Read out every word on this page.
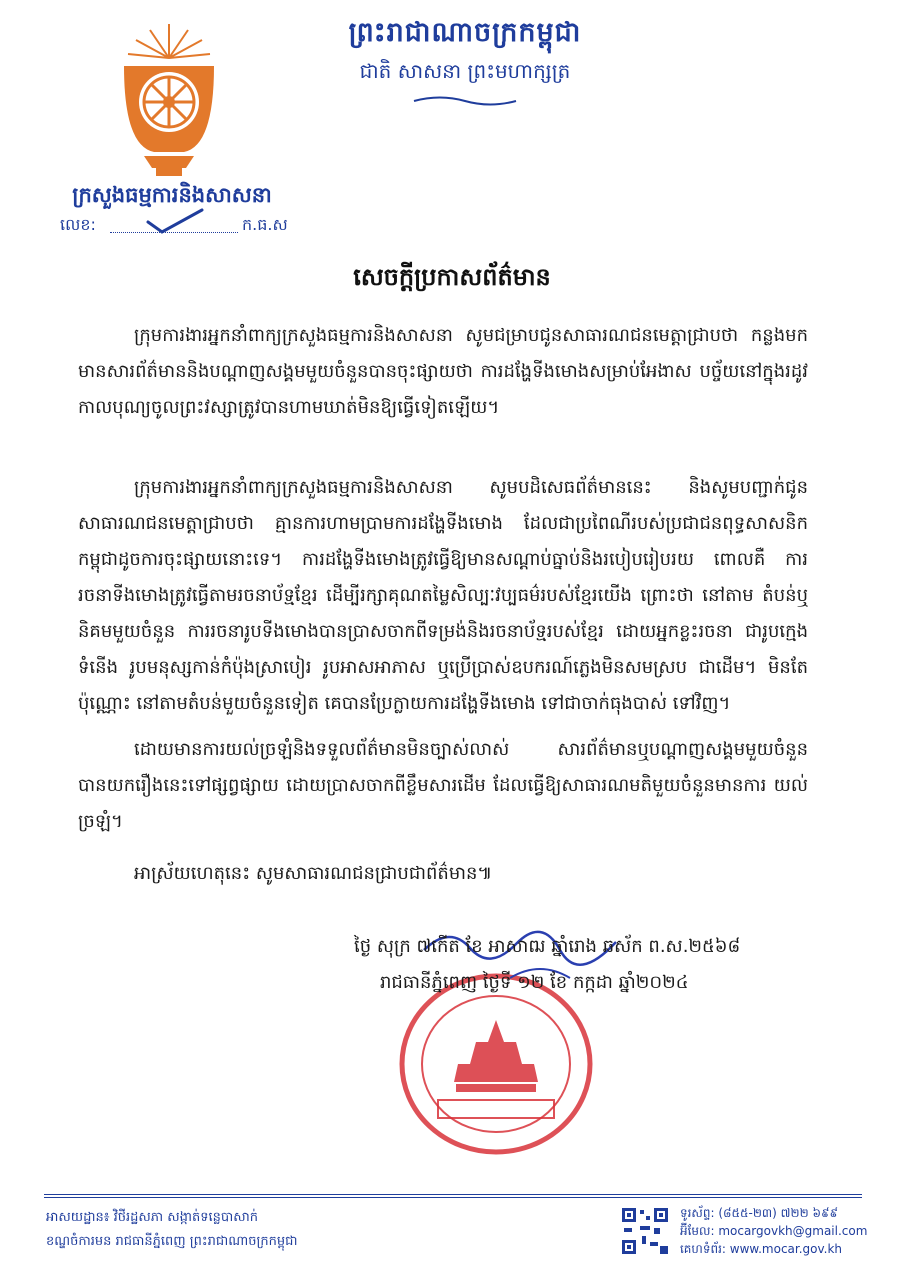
ព្រះរាជាណាចក្រកម្ពុជា
ជាតិ សាសនា ព្រះមហាក្សត្រ
ក្រសួងធម្មការនិងសាសនា
លេខ:	ក.ធ.ស
សេចក្តីប្រកាសព័ត៌មាន

ក្រុមការងារអ្នកនាំពាក្យក្រសួងធម្មការនិងសាសនា សូមជម្រាបជូនសាធារណជនមេត្តាជ្រាបថា កន្លងមកមានសារព័ត៌មាននិងបណ្តាញសង្គមមួយចំនួនបានចុះផ្សាយថា ការដង្ហែទីងមោងសម្រាប់អែងាស បច្ច័យនៅក្នុងរដូវកាលបុណ្យចូលព្រះវស្សាត្រូវបានហាមឃាត់មិនឱ្យធ្វើទៀតឡើយ។

ក្រុមការងារអ្នកនាំពាក្យក្រសួងធម្មការនិងសាសនា សូមបដិសេធព័ត៌មាននេះ និងសូមបញ្ជាក់ជូន សាធារណជនមេត្តាជ្រាបថា គ្មានការហាមប្រាមការដង្ហែទីងមោង ដែលជាប្រពៃណីរបស់ប្រជាជនពុទ្ធសាសនិក កម្ពុជាដូចការចុះផ្សាយនោះទេ។ ការដង្ហែទីងមោងត្រូវធ្វើឱ្យមានសណ្តាប់ធ្នាប់និងរបៀបរៀបរយ ពោលគឺ ការរចនាទីងមោងត្រូវធ្វើតាមរចនាប័ទ្មខ្មែរ ដើម្បីរក្សាគុណតម្លៃសិល្បៈវប្បធម៌របស់ខ្មែរយើង ព្រោះថា នៅតាម តំបន់ឬនិគមមួយចំនួន ការរចនារូបទីងមោងបានប្រាសចាកពីទម្រង់និងរចនាប័ទ្មរបស់ខ្មែរ ដោយអ្នកខ្លះរចនា ជារូបក្មេងទំនើង រូបមនុស្សកាន់កំប៉ុងស្រាបៀរ រូបអាសអាភាស ឬប្រើប្រាស់ឧបករណ៍ភ្លេងមិនសមស្រប ជាដើម។ មិនតែប៉ុណ្ណោះ នៅតាមតំបន់មួយចំនួនទៀត គេបានប្រែក្លាយការដង្ហែទីងមោង ទៅជាចាក់ធុងបាស់ ទៅវិញ។

ដោយមានការយល់ច្រឡំនិងទទួលព័ត៌មានមិនច្បាស់លាស់ សារព័ត៌មានឬបណ្តាញសង្គមមួយចំនួន បានយករឿងនេះទៅផ្សព្វផ្សាយ ដោយប្រាសចាកពីខ្លឹមសារដើម ដែលធ្វើឱ្យសាធារណមតិមួយចំនួនមានការ យល់ច្រឡំ។

អាស្រ័យហេតុនេះ សូមសាធារណជនជ្រាបជាព័ត៌មាន៕

ថ្ងៃ សុក្រ ៧កើត ខែ អាសាឍ ឆ្នាំរោង ឆស័ក ព.ស.២៥៦៨
រាជធានីភ្នំពេញ ថ្ងៃទី ១២ ខែ កក្កដា ឆ្នាំ២០២៤
អាសយដ្ឋាន៖ វិថីរដ្ឋសភា សង្កាត់ទន្លេបាសាក់
ខណ្ឌចំការមន រាជធានីភ្នំពេញ ព្រះរាជាណាចក្រកម្ពុជា
ទូរស័ព្ទ: (៨៥៥-២៣) ៧២២ ៦៩៩
អ៊ីមែល: mocargovkh@gmail.com
គេហទំព័រ: www.mocar.gov.kh
